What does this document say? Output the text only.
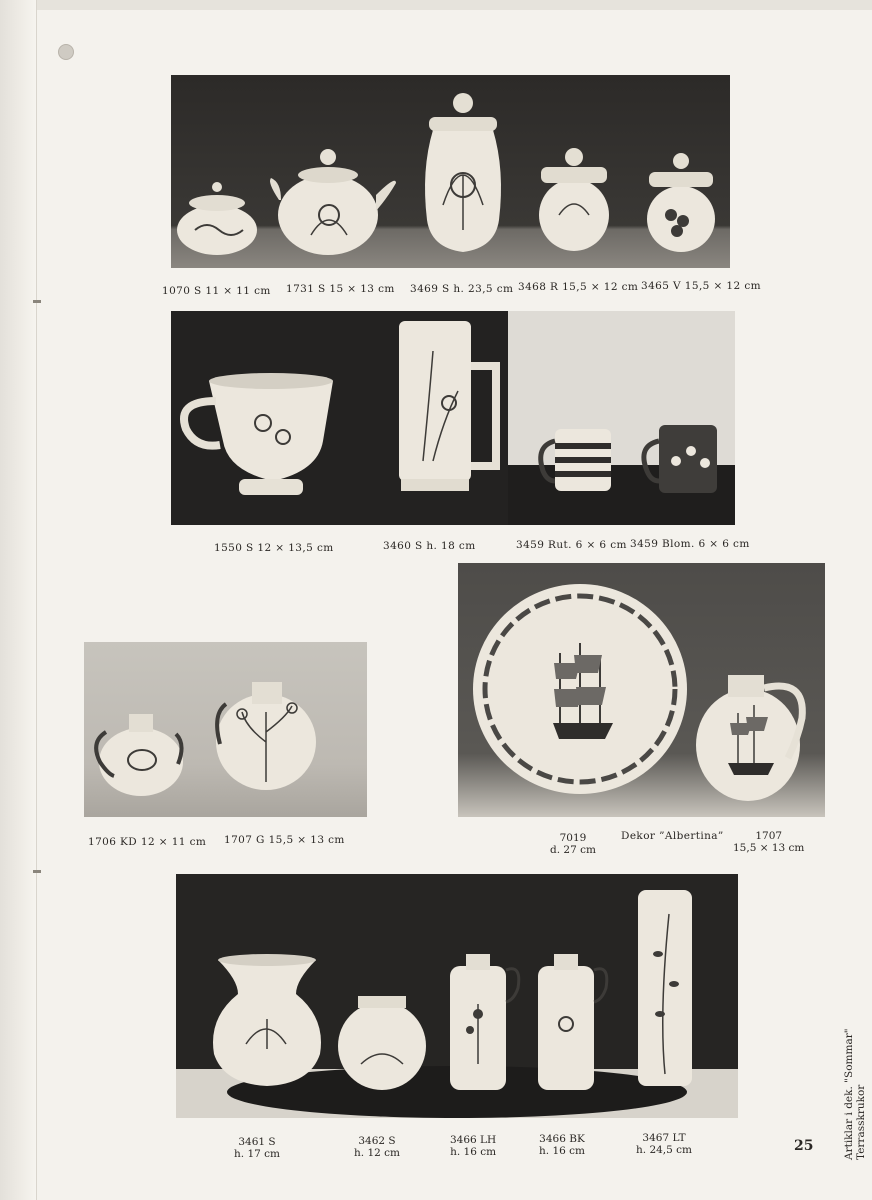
1070 S 11 × 11 cm 1731 S 15 × 13 cm 3469 S h. 23,5 cm 3468 R 15,5 × 12 cm 3465 V 15,5 × 12 cm
1550 S 12 × 13,5 cm	3460 S h. 18 cm	3459 Rut. 6 × 6 cm 3459 Blom. 6 × 6 cm
1706 KD 12 × 11 cm 1707 G 15,5 × 13 cm	7019
d. 27 cm
Dekor ”Albertina”	1707
15,5 × 13 cm
3461 S
h. 17 cm
3462 S
h. 12 cm
3466 LH
h. 16 cm
3466 BK
h. 16 cm
3467 LT
h. 24,5 cm	25	Artiklar i dek. "Sommar" Terrasskrukor
